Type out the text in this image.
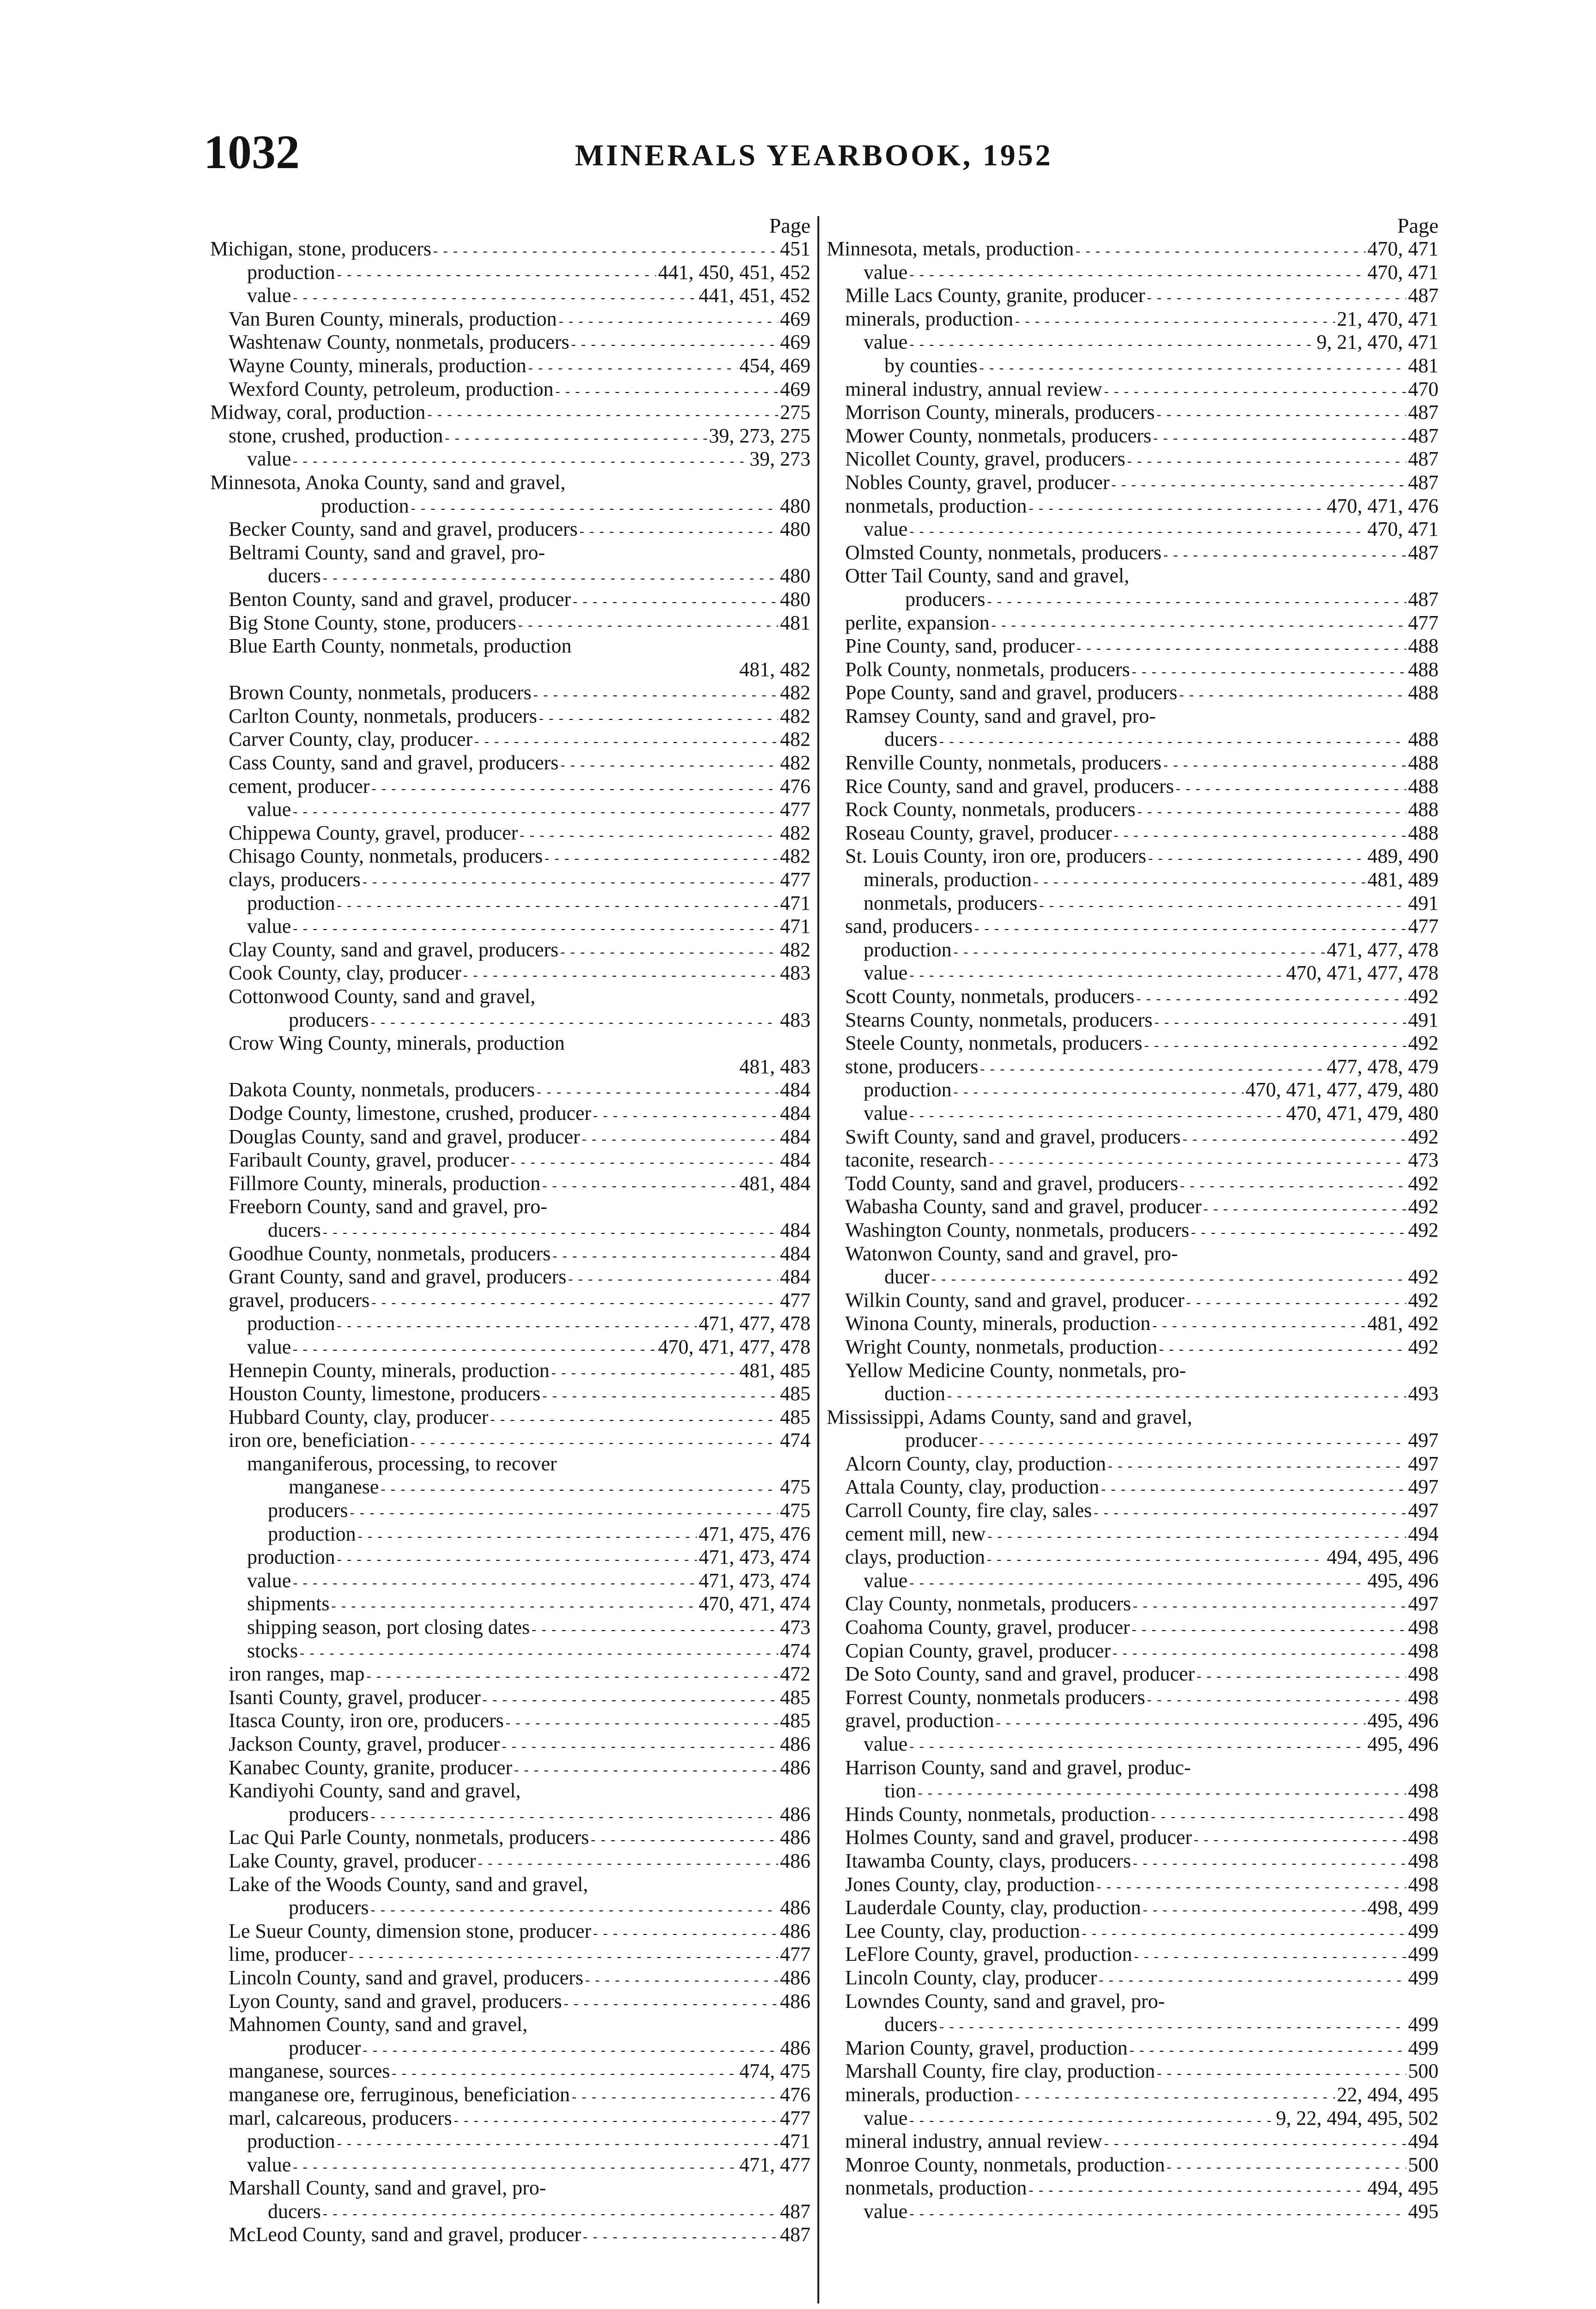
1032	MINERALS YEARBOOK, 1952
Page
Michigan, stone, producers - - -	451
production - - -	441, 450, 451, 452
value - - -	441, 451, 452
Van Buren County, minerals, production - - -	469
Washtenaw County, nonmetals, producers - - -	469
Wayne County, minerals, production - - -	454, 469
Wexford County, petroleum, production - - -	469
Midway, coral, production - - -	275
stone, crushed, production - - -	39, 273, 275
value - - -	39, 273
Minnesota, Anoka County, sand and gravel,
production - - -	480
Becker County, sand and gravel, producers - - -	480
Beltrami County, sand and gravel, pro-
ducers - - -	480
Benton County, sand and gravel, producer - - -	480
Big Stone County, stone, producers - - -	481
Blue Earth County, nonmetals, production
481, 482
Brown County, nonmetals, producers - - -	482
Carlton County, nonmetals, producers - - -	482
Carver County, clay, producer - - -	482
Cass County, sand and gravel, producers - - -	482
cement, producer - - -	476
value - - -	477
Chippewa County, gravel, producer - - -	482
Chisago County, nonmetals, producers - - -	482
clays, producers - - -	477
production - - -	471
value - - -	471
Clay County, sand and gravel, producers - - -	482
Cook County, clay, producer - - -	483
Cottonwood County, sand and gravel,
producers - - -	483
Crow Wing County, minerals, production
481, 483
Dakota County, nonmetals, producers - - -	484
Dodge County, limestone, crushed, producer - - -	484
Douglas County, sand and gravel, producer - - -	484
Faribault County, gravel, producer - - -	484
Fillmore County, minerals, production - - -	481, 484
Freeborn County, sand and gravel, pro-
ducers - - -	484
Goodhue County, nonmetals, producers - - -	484
Grant County, sand and gravel, producers - - -	484
gravel, producers - - -	477
production - - -	471, 477, 478
value - - -	470, 471, 477, 478
Hennepin County, minerals, production - - -	481, 485
Houston County, limestone, producers - - -	485
Hubbard County, clay, producer - - -	485
iron ore, beneficiation - - -	474
manganiferous, processing, to recover
manganese - - -	475
producers - - -	475
production - - -	471, 475, 476
production - - -	471, 473, 474
value - - -	471, 473, 474
shipments - - -	470, 471, 474
shipping season, port closing dates - - -	473
stocks - - -	474
iron ranges, map - - -	472
Isanti County, gravel, producer - - -	485
Itasca County, iron ore, producers - - -	485
Jackson County, gravel, producer - - -	486
Kanabec County, granite, producer - - -	486
Kandiyohi County, sand and gravel,
producers - - -	486
Lac Qui Parle County, nonmetals, producers - - -	486
Lake County, gravel, producer - - -	486
Lake of the Woods County, sand and gravel,
producers - - -	486
Le Sueur County, dimension stone, producer - - -	486
lime, producer - - -	477
Lincoln County, sand and gravel, producers - - -	486
Lyon County, sand and gravel, producers - - -	486
Mahnomen County, sand and gravel,
producer - - -	486
manganese, sources - - -	474, 475
manganese ore, ferruginous, beneficiation - - -	476
marl, calcareous, producers - - -	477
production - - -	471
value - - -	471, 477
Marshall County, sand and gravel, pro-
ducers - - -	487
McLeod County, sand and gravel, producer - - -	487
Page
Minnesota, metals, production - - -	470, 471
value - - -	470, 471
Mille Lacs County, granite, producer - - -	487
minerals, production - - -	21, 470, 471
value - - -	9, 21, 470, 471
by counties - - -	481
mineral industry, annual review - - -	470
Morrison County, minerals, producers - - -	487
Mower County, nonmetals, producers - - -	487
Nicollet County, gravel, producers - - -	487
Nobles County, gravel, producer - - -	487
nonmetals, production - - -	470, 471, 476
value - - -	470, 471
Olmsted County, nonmetals, producers - - -	487
Otter Tail County, sand and gravel,
producers - - -	487
perlite, expansion - - -	477
Pine County, sand, producer - - -	488
Polk County, nonmetals, producers - - -	488
Pope County, sand and gravel, producers - - -	488
Ramsey County, sand and gravel, pro-
ducers - - -	488
Renville County, nonmetals, producers - - -	488
Rice County, sand and gravel, producers - - -	488
Rock County, nonmetals, producers - - -	488
Roseau County, gravel, producer - - -	488
St. Louis County, iron ore, producers - - -	489, 490
minerals, production - - -	481, 489
nonmetals, producers - - -	491
sand, producers - - -	477
production - - -	471, 477, 478
value - - -	470, 471, 477, 478
Scott County, nonmetals, producers - - -	492
Stearns County, nonmetals, producers - - -	491
Steele County, nonmetals, producers - - -	492
stone, producers - - -	477, 478, 479
production - - -	470, 471, 477, 479, 480
value - - -	470, 471, 479, 480
Swift County, sand and gravel, producers - - -	492
taconite, research - - -	473
Todd County, sand and gravel, producers - - -	492
Wabasha County, sand and gravel, producer - - -	492
Washington County, nonmetals, producers - - -	492
Watonwon County, sand and gravel, pro-
ducer - - -	492
Wilkin County, sand and gravel, producer - - -	492
Winona County, minerals, production - - -	481, 492
Wright County, nonmetals, production - - -	492
Yellow Medicine County, nonmetals, pro-
duction - - -	493
Mississippi, Adams County, sand and gravel,
producer - - -	497
Alcorn County, clay, production - - -	497
Attala County, clay, production - - -	497
Carroll County, fire clay, sales - - -	497
cement mill, new - - -	494
clays, production - - -	494, 495, 496
value - - -	495, 496
Clay County, nonmetals, producers - - -	497
Coahoma County, gravel, producer - - -	498
Copian County, gravel, producer - - -	498
De Soto County, sand and gravel, producer - - -	498
Forrest County, nonmetals producers - - -	498
gravel, production - - -	495, 496
value - - -	495, 496
Harrison County, sand and gravel, produc-
tion - - -	498
Hinds County, nonmetals, production - - -	498
Holmes County, sand and gravel, producer - - -	498
Itawamba County, clays, producers - - -	498
Jones County, clay, production - - -	498
Lauderdale County, clay, production - - -	498, 499
Lee County, clay, production - - -	499
LeFlore County, gravel, production - - -	499
Lincoln County, clay, producer - - -	499
Lowndes County, sand and gravel, pro-
ducers - - -	499
Marion County, gravel, production - - -	499
Marshall County, fire clay, production - - -	500
minerals, production - - -	22, 494, 495
value - - -	9, 22, 494, 495, 502
mineral industry, annual review - - -	494
Monroe County, nonmetals, production - - -	500
nonmetals, production - - -	494, 495
value - - -	495
